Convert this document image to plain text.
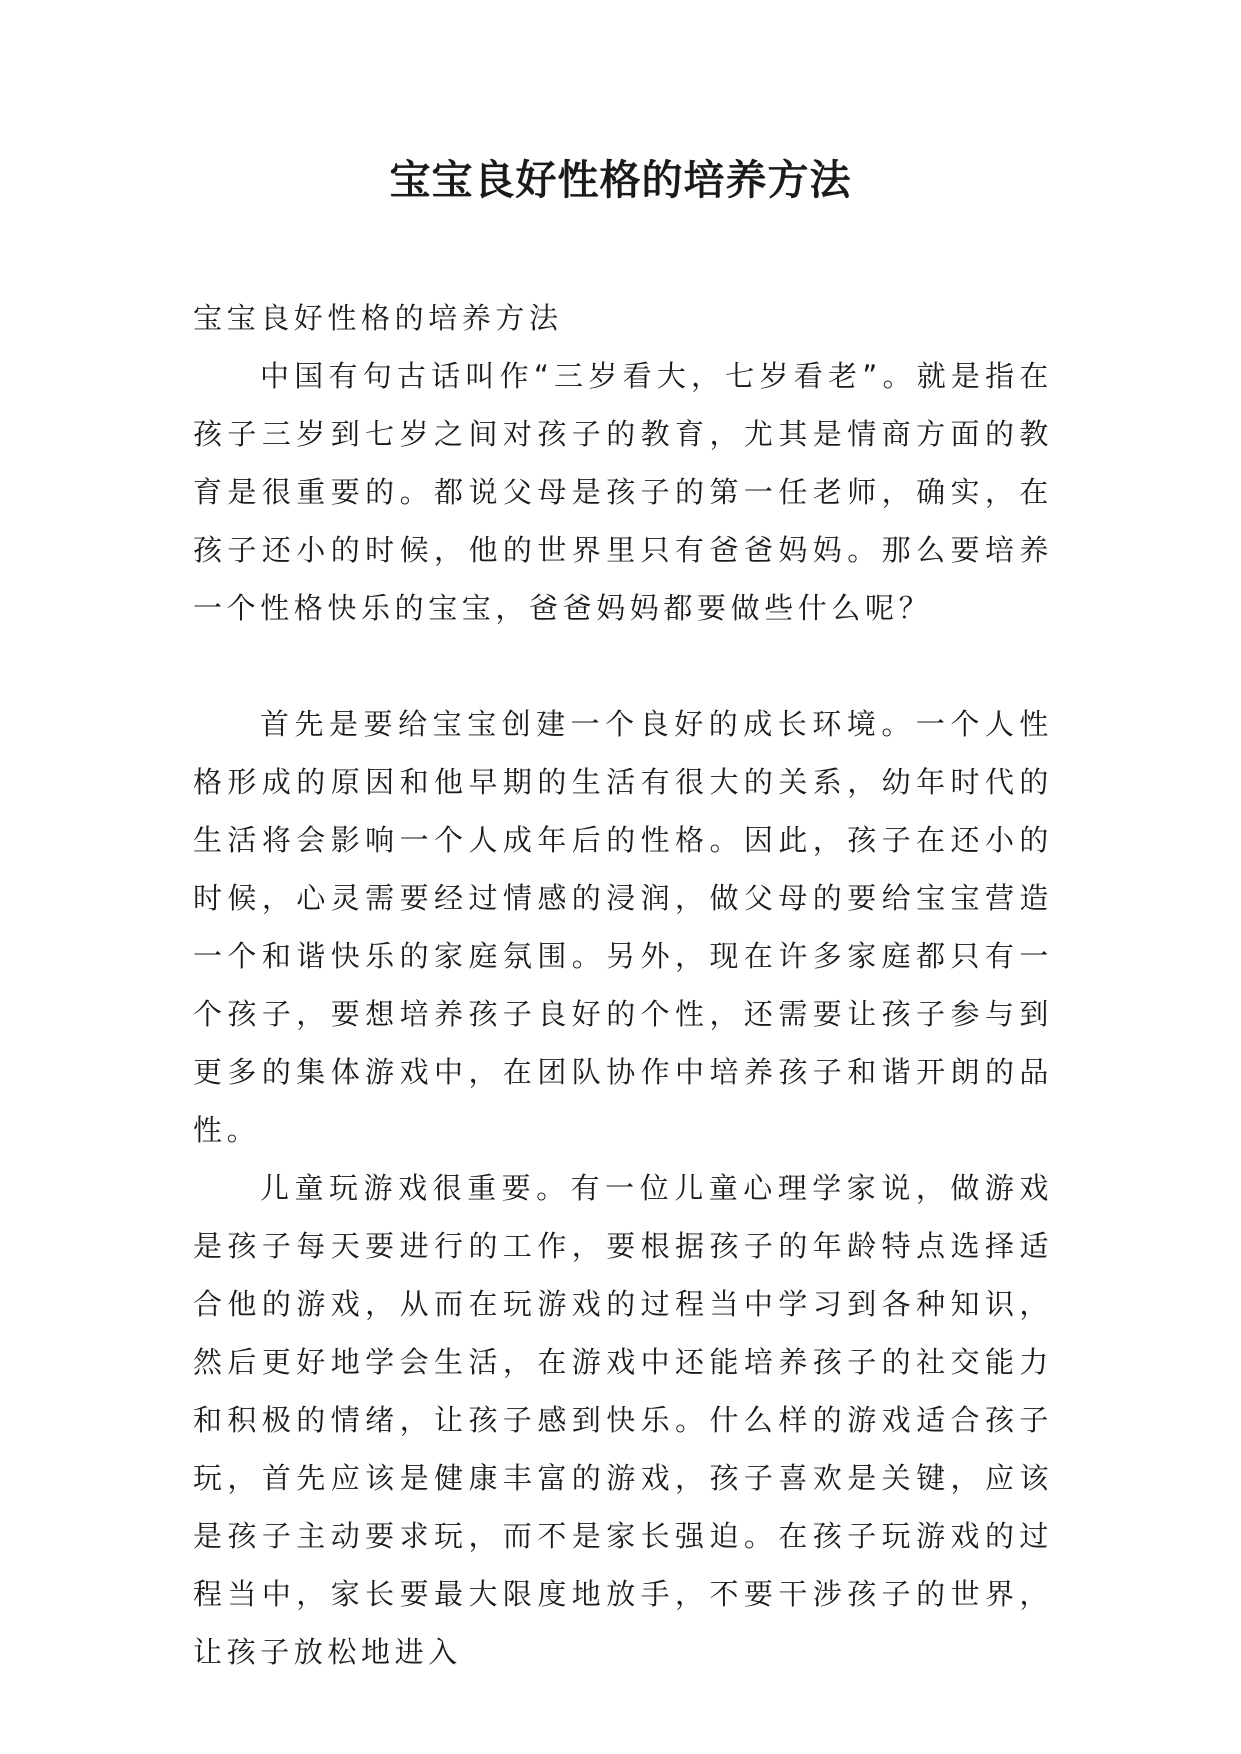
宝宝良好性格的培养方法

宝宝良好性格的培养方法

中国有句古话叫作“三岁看大，七岁看老”。就是指在孩子三岁到七岁之间对孩子的教育，尤其是情商方面的教育是很重要的。都说父母是孩子的第一任老师，确实，在孩子还小的时候，他的世界里只有爸爸妈妈。那么要培养一个性格快乐的宝宝，爸爸妈妈都要做些什么呢？

首先是要给宝宝创建一个良好的成长环境。一个人性格形成的原因和他早期的生活有很大的关系，幼年时代的生活将会影响一个人成年后的性格。因此，孩子在还小的时候，心灵需要经过情感的浸润，做父母的要给宝宝营造一个和谐快乐的家庭氛围。另外，现在许多家庭都只有一个孩子，要想培养孩子良好的个性，还需要让孩子参与到更多的集体游戏中，在团队协作中培养孩子和谐开朗的品性。

儿童玩游戏很重要。有一位儿童心理学家说，做游戏是孩子每天要进行的工作，要根据孩子的年龄特点选择适合他的游戏，从而在玩游戏的过程当中学习到各种知识，然后更好地学会生活，在游戏中还能培养孩子的社交能力和积极的情绪，让孩子感到快乐。什么样的游戏适合孩子玩，首先应该是健康丰富的游戏，孩子喜欢是关键，应该是孩子主动要求玩，而不是家长强迫。在孩子玩游戏的过程当中，家长要最大限度地放手，不要干涉孩子的世界，让孩子放松地进入
